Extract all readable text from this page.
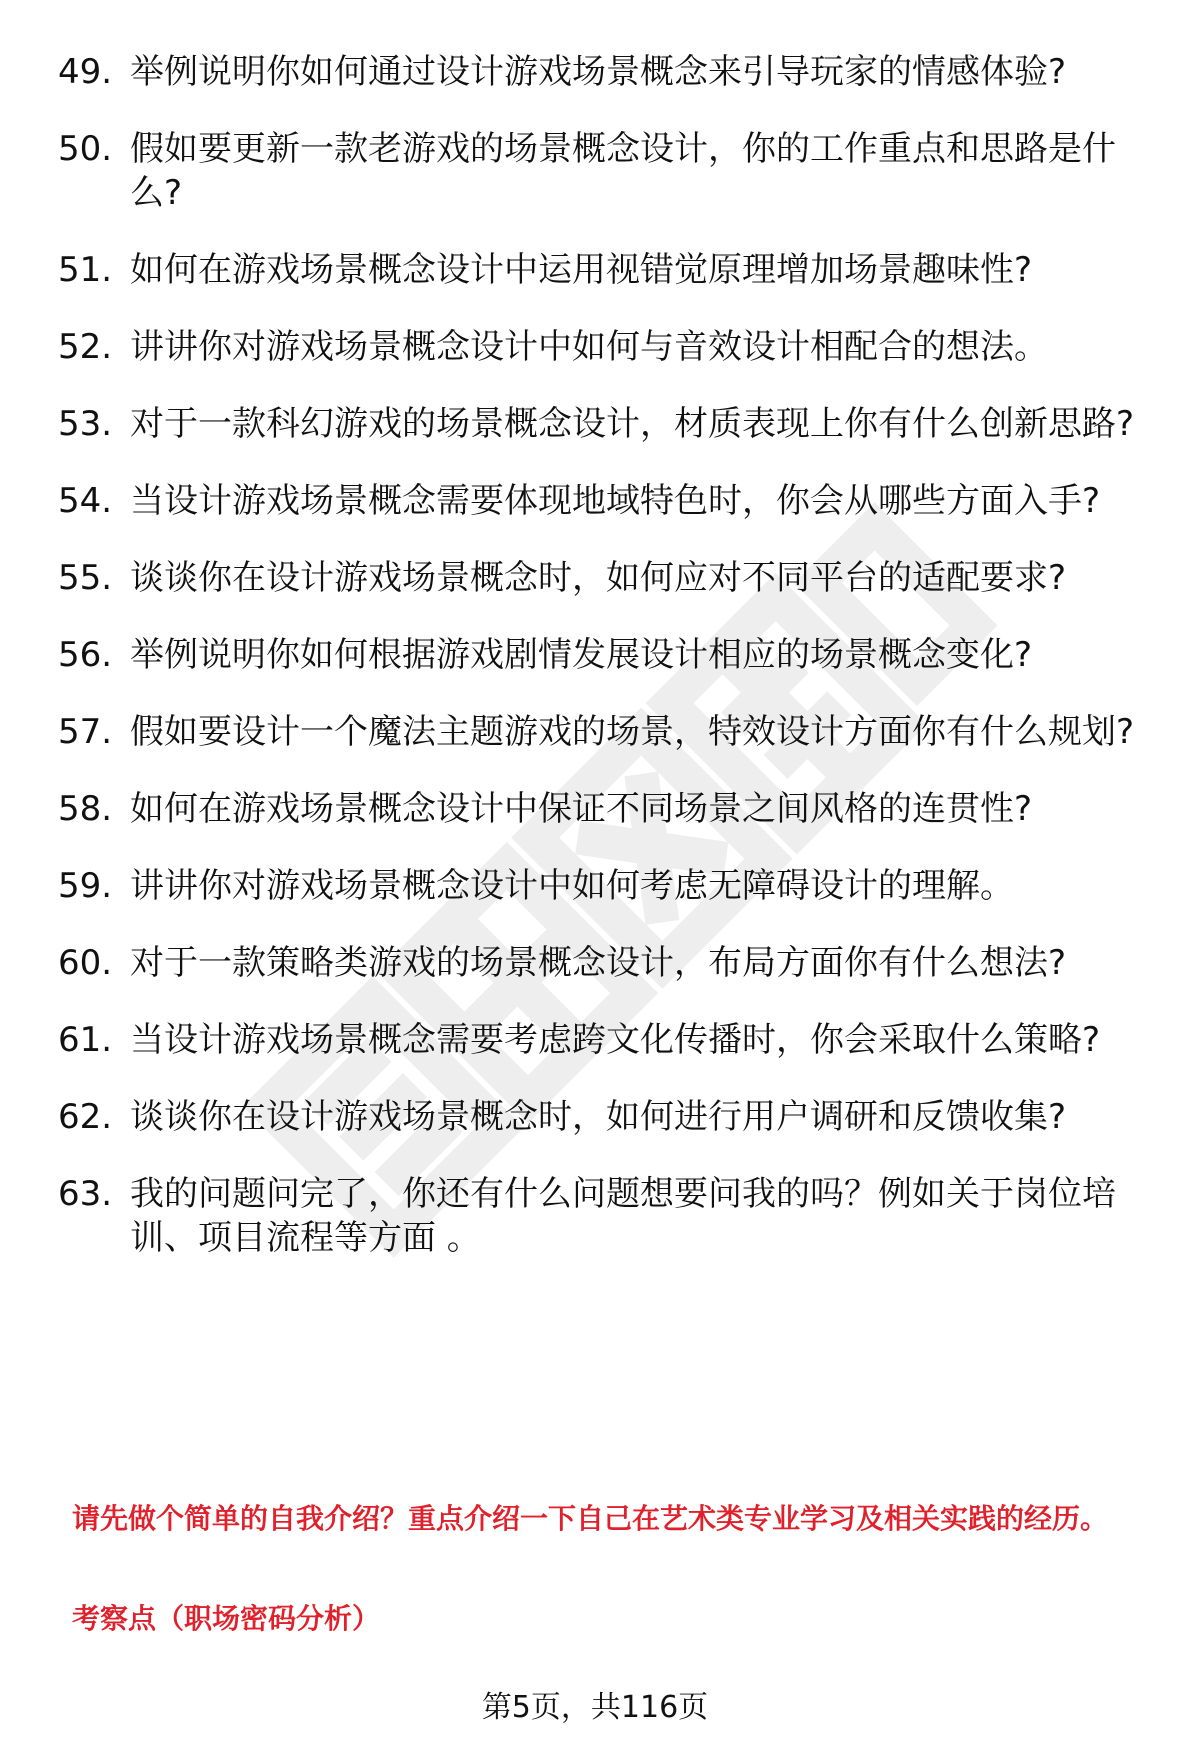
49. 举例说明你如何通过设计游戏场景概念来引导玩家的情感体验?
50. 假如要更新一款老游戏的场景概念设计，你的工作重点和思路是什么?
51. 如何在游戏场景概念设计中运用视错觉原理增加场景趣味性?
52. 讲讲你对游戏场景概念设计中如何与音效设计相配合的想法。
53. 对于一款科幻游戏的场景概念设计，材质表现上你有什么创新思路?
54. 当设计游戏场景概念需要体现地域特色时，你会从哪些方面入手?
55. 谈谈你在设计游戏场景概念时，如何应对不同平台的适配要求?
56. 举例说明你如何根据游戏剧情发展设计相应的场景概念变化?
57. 假如要设计一个魔法主题游戏的场景，特效设计方面你有什么规划?
58. 如何在游戏场景概念设计中保证不同场景之间风格的连贯性?
59. 讲讲你对游戏场景概念设计中如何考虑无障碍设计的理解。
60. 对于一款策略类游戏的场景概念设计，布局方面你有什么想法?
61. 当设计游戏场景概念需要考虑跨文化传播时，你会采取什么策略?
62. 谈谈你在设计游戏场景概念时，如何进行用户调研和反馈收集?
63. 我的问题问完了，你还有什么问题想要问我的吗？例如关于岗位培训、项目流程等方面 。
请先做个简单的自我介绍？重点介绍一下自己在艺术类专业学习及相关实践的经历。
考察点（职场密码分析）
第5页，共116页
